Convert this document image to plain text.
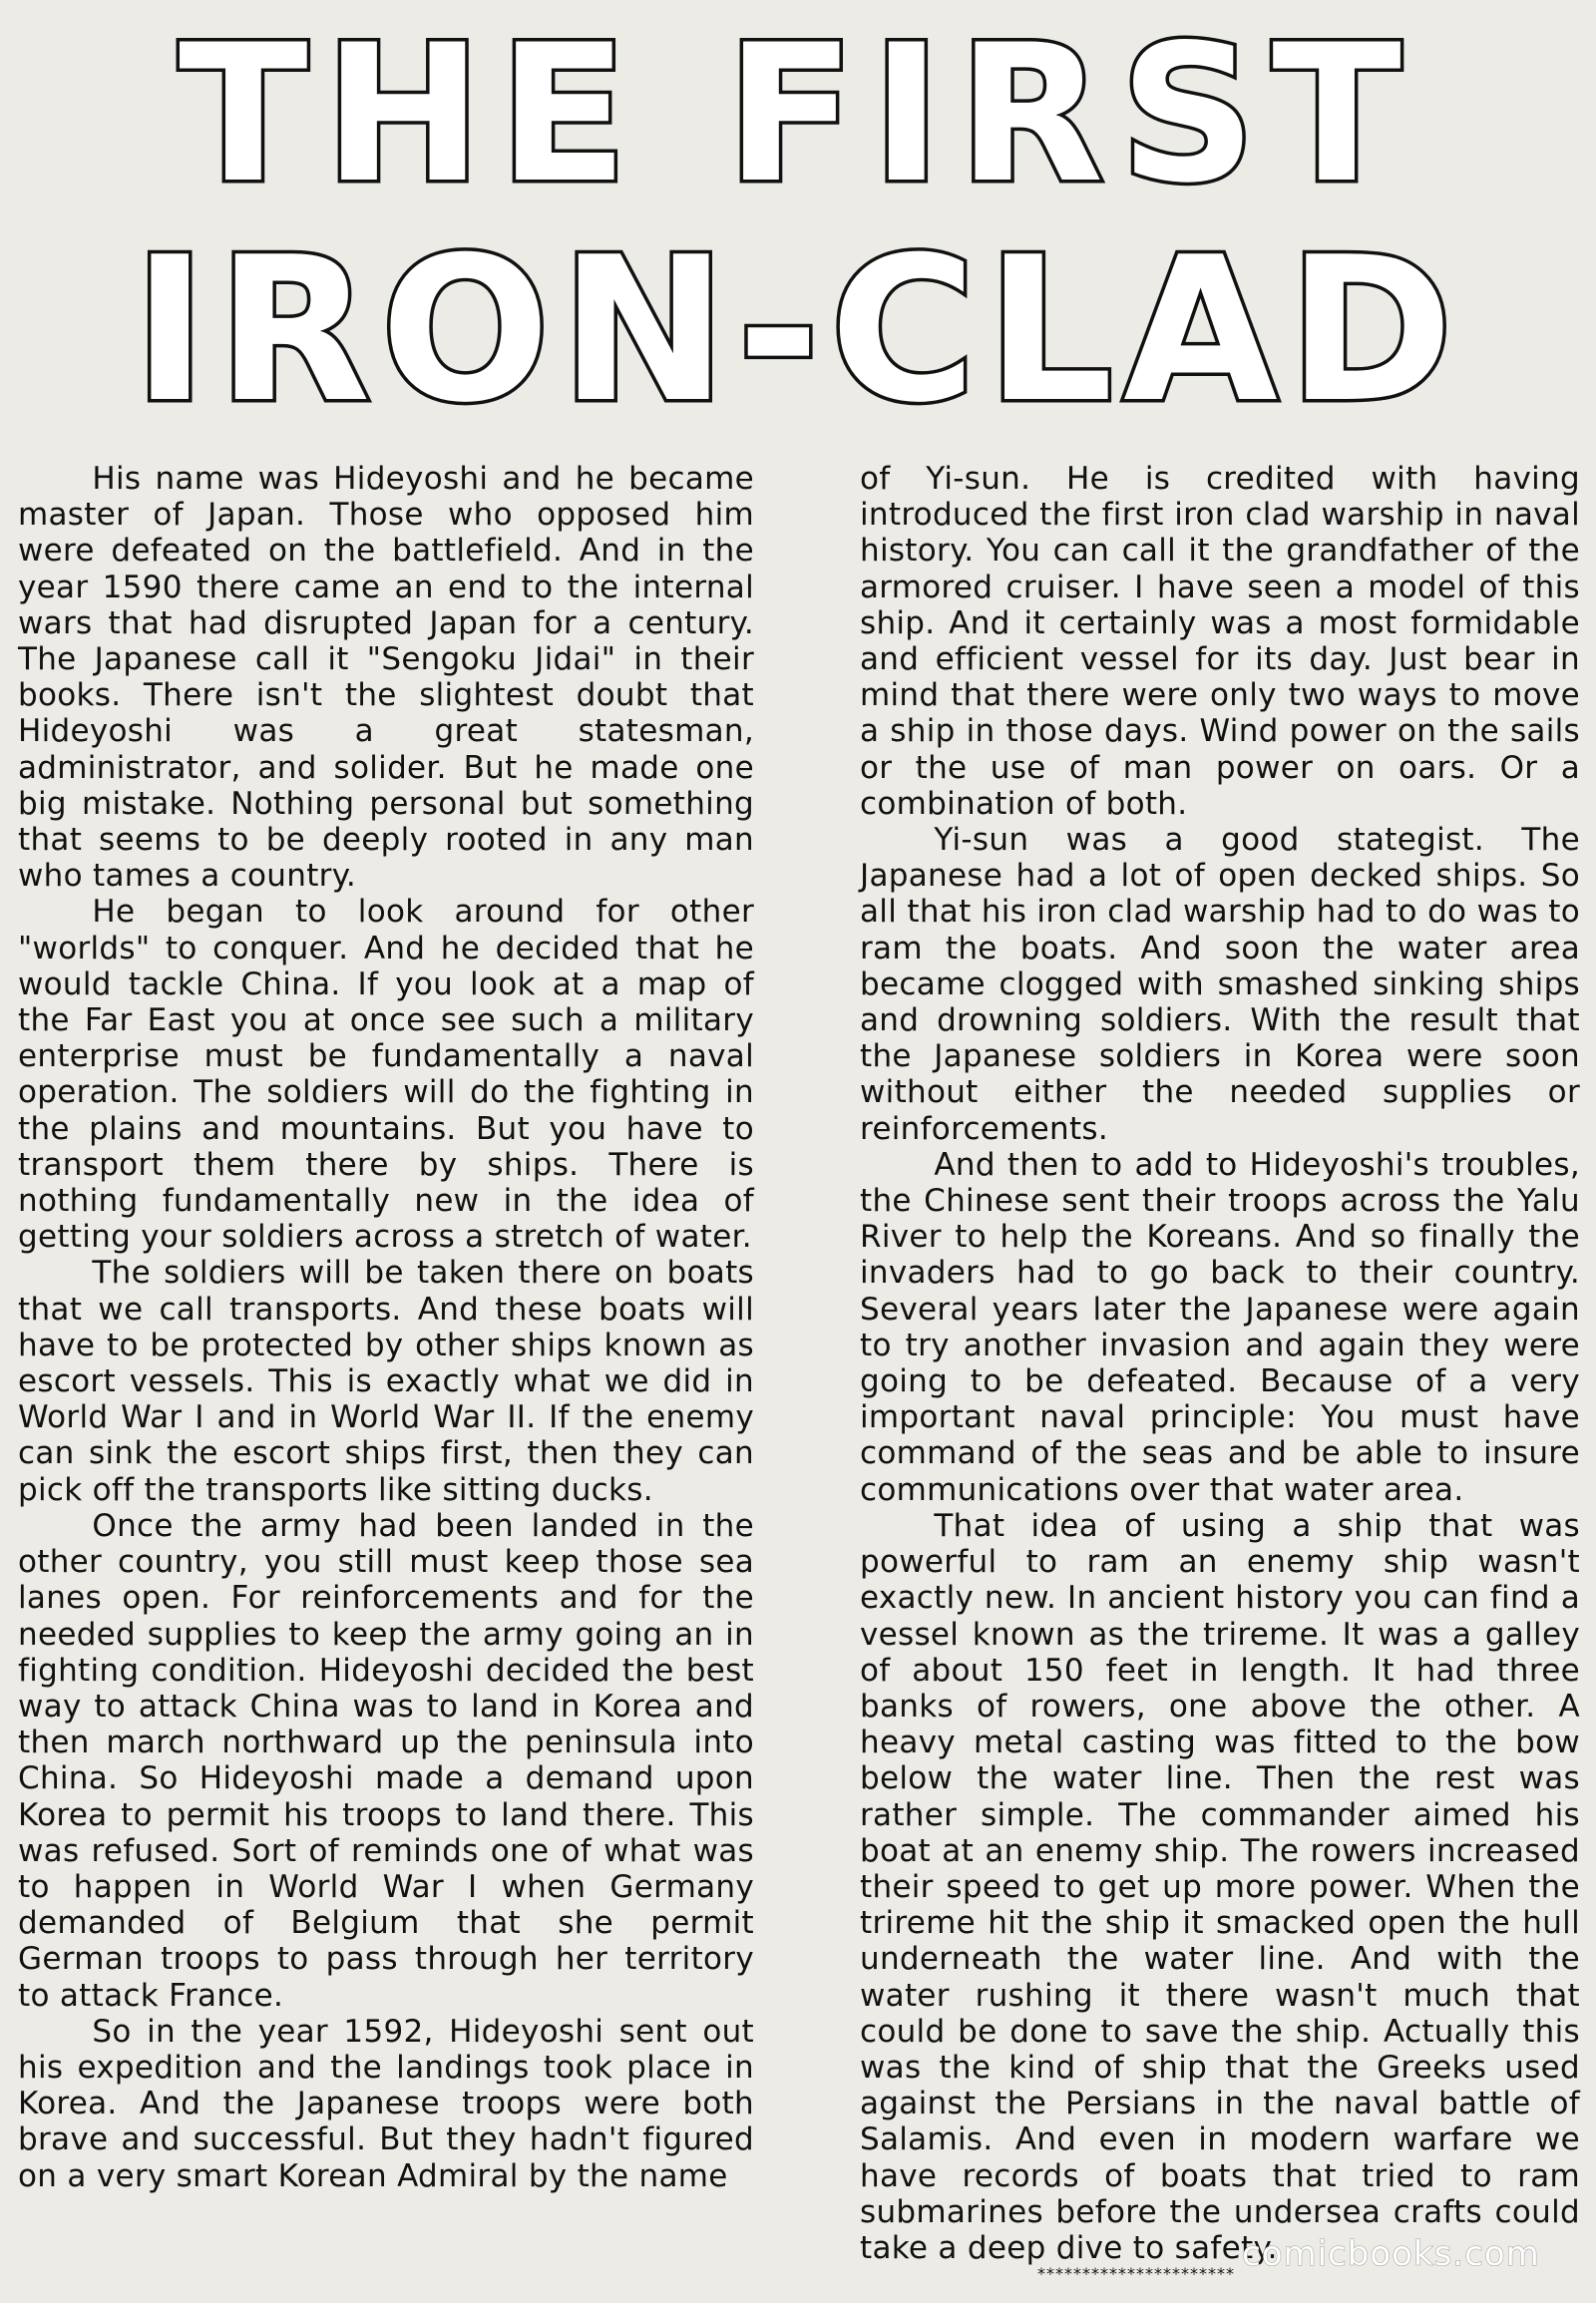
THE FIRST
IRON-CLAD

His name was Hideyoshi and he became master of Japan. Those who opposed him were defeated on the battlefield. And in the year 1590 there came an end to the internal wars that had disrupted Japan for a century. The Japanese call it "Sengoku Jidai" in their books. There isn't the slightest doubt that Hideyoshi was a great statesman, administrator, and solider. But he made one big mistake. Nothing personal but something that seems to be deeply rooted in any man who tames a country.

He began to look around for other "worlds" to conquer. And he decided that he would tackle China. If you look at a map of the Far East you at once see such a military enterprise must be fundamentally a naval operation. The soldiers will do the fighting in the plains and mountains. But you have to transport them there by ships. There is nothing fundamentally new in the idea of getting your soldiers across a stretch of water.

The soldiers will be taken there on boats that we call transports. And these boats will have to be protected by other ships known as escort vessels. This is exactly what we did in World War I and in World War II. If the enemy can sink the escort ships first, then they can pick off the transports like sitting ducks.

Once the army had been landed in the other country, you still must keep those sea lanes open. For reinforcements and for the needed supplies to keep the army going an in fighting condition. Hideyoshi decided the best way to attack China was to land in Korea and then march northward up the peninsula into China. So Hideyoshi made a demand upon Korea to permit his troops to land there. This was refused. Sort of reminds one of what was to happen in World War I when Germany demanded of Belgium that she permit German troops to pass through her territory to attack France.

So in the year 1592, Hideyoshi sent out his expedition and the landings took place in Korea. And the Japanese troops were both brave and successful. But they hadn't figured on a very smart Korean Admiral by the name

of Yi-sun. He is credited with having introduced the first iron clad warship in naval history. You can call it the grandfather of the armored cruiser. I have seen a model of this ship. And it certainly was a most formidable and efficient vessel for its day. Just bear in mind that there were only two ways to move a ship in those days. Wind power on the sails or the use of man power on oars. Or a combination of both.

Yi-sun was a good stategist. The Japanese had a lot of open decked ships. So all that his iron clad warship had to do was to ram the boats. And soon the water area became clogged with smashed sinking ships and drowning soldiers. With the result that the Japanese soldiers in Korea were soon without either the needed supplies or reinforcements.

And then to add to Hideyoshi's troubles, the Chinese sent their troops across the Yalu River to help the Koreans. And so finally the invaders had to go back to their country. Several years later the Japanese were again to try another invasion and again they were going to be defeated. Because of a very important naval principle: You must have command of the seas and be able to insure communications over that water area.

That idea of using a ship that was powerful to ram an enemy ship wasn't exactly new. In ancient history you can find a vessel known as the trireme. It was a galley of about 150 feet in length. It had three banks of rowers, one above the other. A heavy metal casting was fitted to the bow below the water line. Then the rest was rather simple. The commander aimed his boat at an enemy ship. The rowers increased their speed to get up more power. When the trireme hit the ship it smacked open the hull underneath the water line. And with the water rushing it there wasn't much that could be done to save the ship. Actually this was the kind of ship that the Greeks used against the Persians in the naval battle of Salamis. And even in modern warfare we have records of boats that tried to ram submarines before the undersea crafts could take a deep dive to safety.

********************** comicbooks.com
